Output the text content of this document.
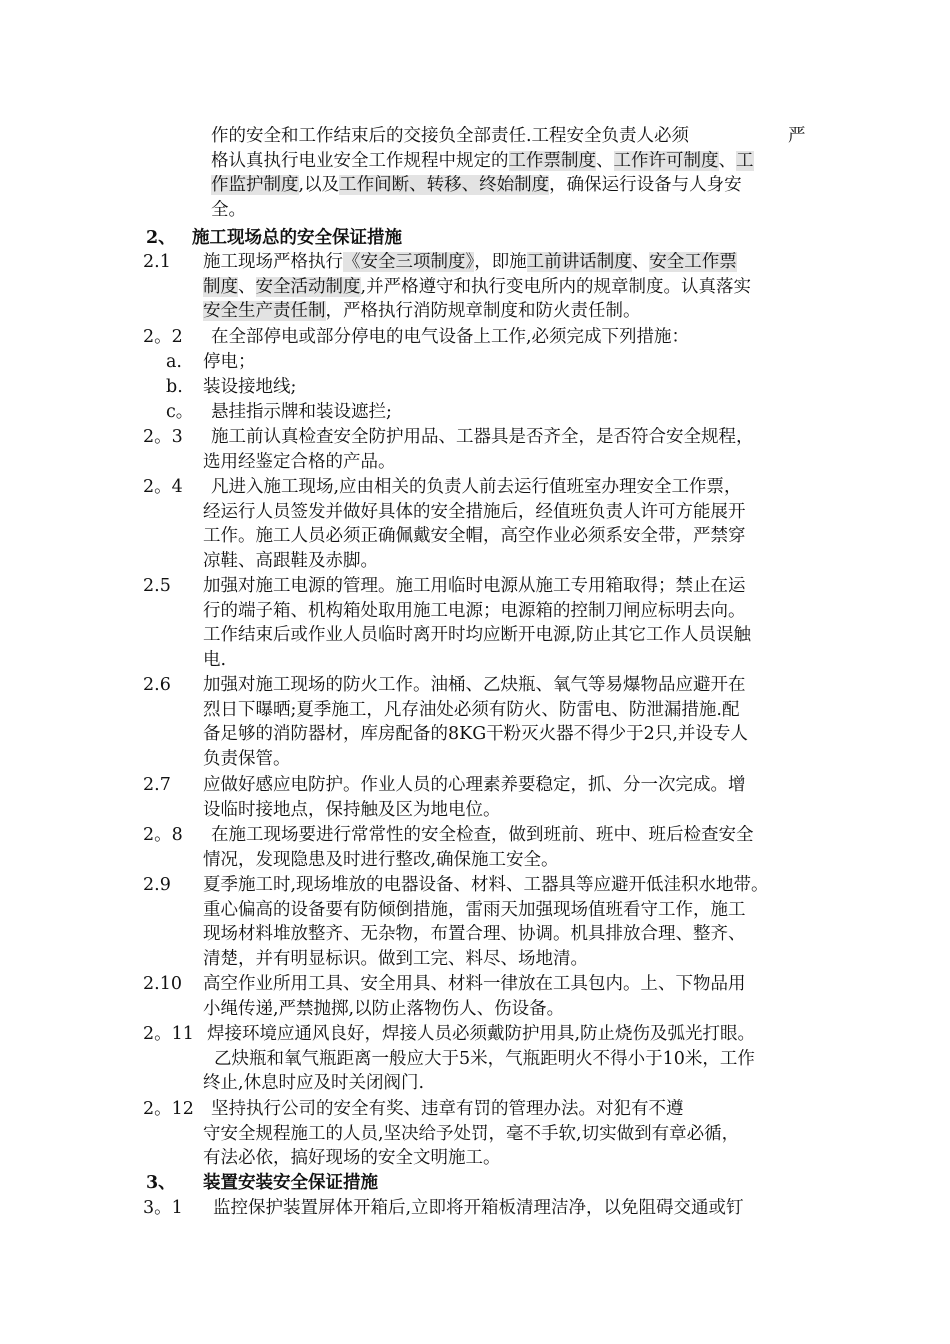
作的安全和工作结束后的交接负全部责任.工程安全负责人必须
格认真执行电业安全工作规程中规定的工作票制度、工作许可制度、工
作监护制度,以及工作间断、转移、终始制度，确保运行设备与人身安
全。
严
2、 施工现场总的安全保证措施
2.1 施工现场严格执行《安全三项制度》，即施工前讲话制度、安全工作票
制度、安全活动制度,并严格遵守和执行变电所内的规章制度。认真落实
安全生产责任制，严格执行消防规章制度和防火责任制。
2。2 在全部停电或部分停电的电气设备上工作,必须完成下列措施：
a. 停电；
b. 装设接地线;
c。 悬挂指示牌和装设遮拦;
2。3 施工前认真检查安全防护用品、工器具是否齐全，是否符合安全规程，
选用经鉴定合格的产品。
2。4 凡进入施工现场,应由相关的负责人前去运行值班室办理安全工作票，
经运行人员签发并做好具体的安全措施后，经值班负责人许可方能展开
工作。施工人员必须正确佩戴安全帽，高空作业必须系安全带，严禁穿
凉鞋、高跟鞋及赤脚。
2.5 加强对施工电源的管理。施工用临时电源从施工专用箱取得；禁止在运
行的端子箱、机构箱处取用施工电源；电源箱的控制刀闸应标明去向。
工作结束后或作业人员临时离开时均应断开电源,防止其它工作人员误触
电.
2.6 加强对施工现场的防火工作。油桶、乙炔瓶、氧气等易爆物品应避开在
烈日下曝晒;夏季施工，凡存油处必须有防火、防雷电、防泄漏措施.配
备足够的消防器材，库房配备的8KG干粉灭火器不得少于2只,并设专人
负责保管。
2.7 应做好感应电防护。作业人员的心理素养要稳定，抓、分一次完成。增
设临时接地点，保持触及区为地电位。
2。8 在施工现场要进行常常性的安全检查，做到班前、班中、班后检查安全
情况，发现隐患及时进行整改,确保施工安全。
2.9 夏季施工时,现场堆放的电器设备、材料、工器具等应避开低洼积水地带。
重心偏高的设备要有防倾倒措施，雷雨天加强现场值班看守工作，施工
现场材料堆放整齐、无杂物，布置合理、协调。机具排放合理、整齐、
清楚，并有明显标识。做到工完、料尽、场地清。
2.10 高空作业所用工具、安全用具、材料一律放在工具包内。上、下物品用
小绳传递,严禁抛掷,以防止落物伤人、伤设备。
2。11 焊接环境应通风良好，焊接人员必须戴防护用具,防止烧伤及弧光打眼。
乙炔瓶和氧气瓶距离一般应大于5米，气瓶距明火不得小于10米，工作
终止,休息时应及时关闭阀门.
2。12 坚持执行公司的安全有奖、违章有罚的管理办法。对犯有不遵
守安全规程施工的人员,坚决给予处罚，毫不手软,切实做到有章必循，
有法必依，搞好现场的安全文明施工。
3、 装置安装安全保证措施
3。1 监控保护装置屏体开箱后,立即将开箱板清理洁净，以免阻碍交通或钉
